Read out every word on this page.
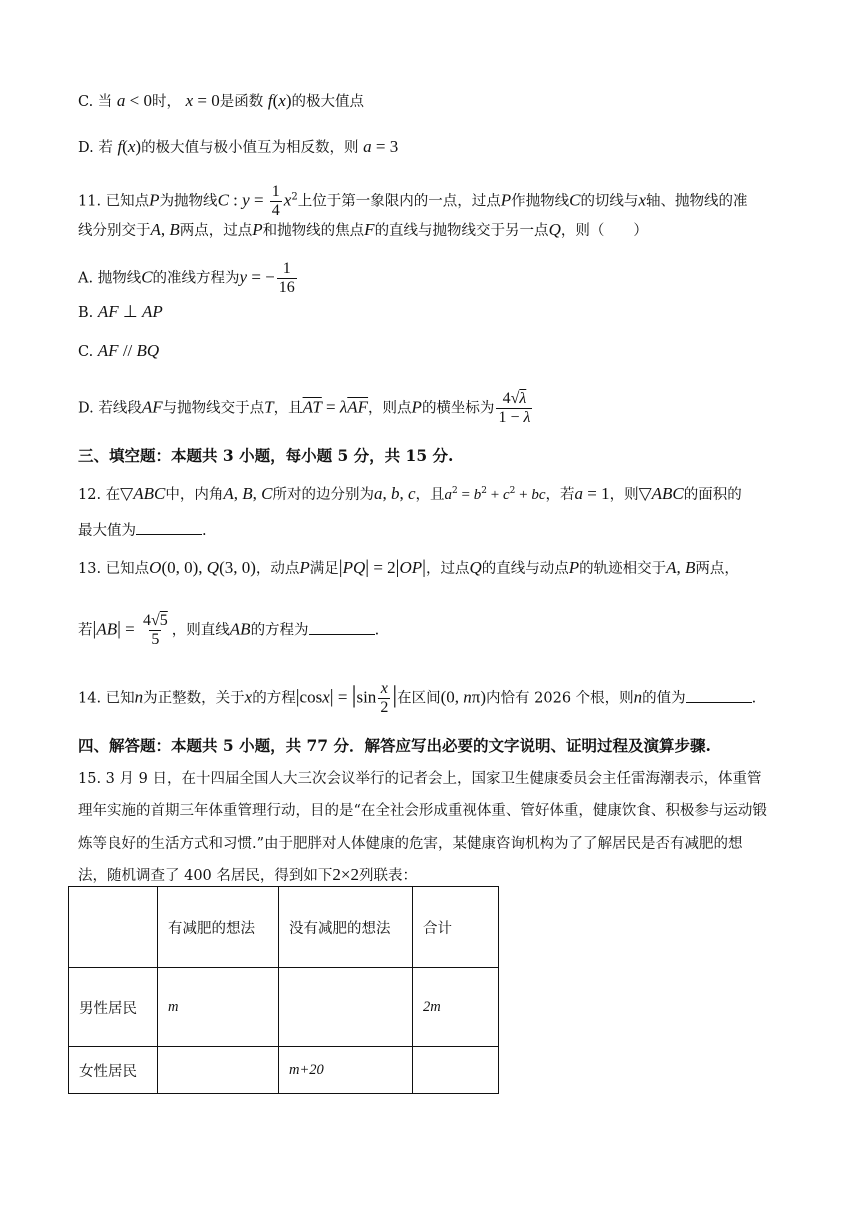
C. 当 a < 0时， x = 0是函数 f(x)的极大值点
D. 若 f(x)的极大值与极小值互为相反数，则 a = 3
11. 已知点P为抛物线C : $y = \frac{1}{4} x^2$上位于第一象限内的一点，过点P作抛物线C的切线与x轴、抛物线的准
线分别交于A, B两点，过点P和抛物线的焦点F的直线与抛物线交于另一点Q，则（　　）
A. 抛物线C的准线方程为y = − $\frac{1}{16}$
B. AF ⊥ AP
C. AF // BQ
D. 若线段AF与抛物线交于点T，且$\overline{AT} = \lambda\overline{AF}$，则点P的横坐标为 $\frac{4√\lambda}{1 - \lambda}$
三、填空题：本题共 3 小题，每小题 5 分，共 15 分.
12. 在▽ABC中，内角A, B, C所对的边分别为a, b, c，且$a^2 = b^2 + c^2$ + bc，若a = 1，则▽ABC的面积的
最大值为	.
13. 已知点O(0, 0), Q(3, 0)，动点P满足|PQ| = 2|OP|，过点Q的直线与动点P的轨迹相交于A, B两点，
若$|AB| = \frac{4√5}{5}$ ，则直线AB的方程为	.
14. 已知n为正整数，关于x的方程$|\cos x| = |\sin \frac{x}{2}$ |在区间(0, nπ)内恰有 2026 个根，则n的值为	.
四、解答题：本题共 5 小题，共 77 分．解答应写出必要的文字说明、证明过程及演算步骤.
15. 3 月 9 日，在十四届全国人大三次会议举行的记者会上，国家卫生健康委员会主任雷海潮表示，体重管
理年实施的首期三年体重管理行动，目的是“在全社会形成重视体重、管好体重，健康饮食、积极参与运动锻
炼等良好的生活方式和习惯.”由于肥胖对人体健康的危害，某健康咨询机构为了了解居民是否有减肥的想
法，随机调查了 400 名居民，得到如下2×2列联表：
	有减肥的想法	没有减肥的想法	合计
男性居民	m		2m
女性居民		m+20	
